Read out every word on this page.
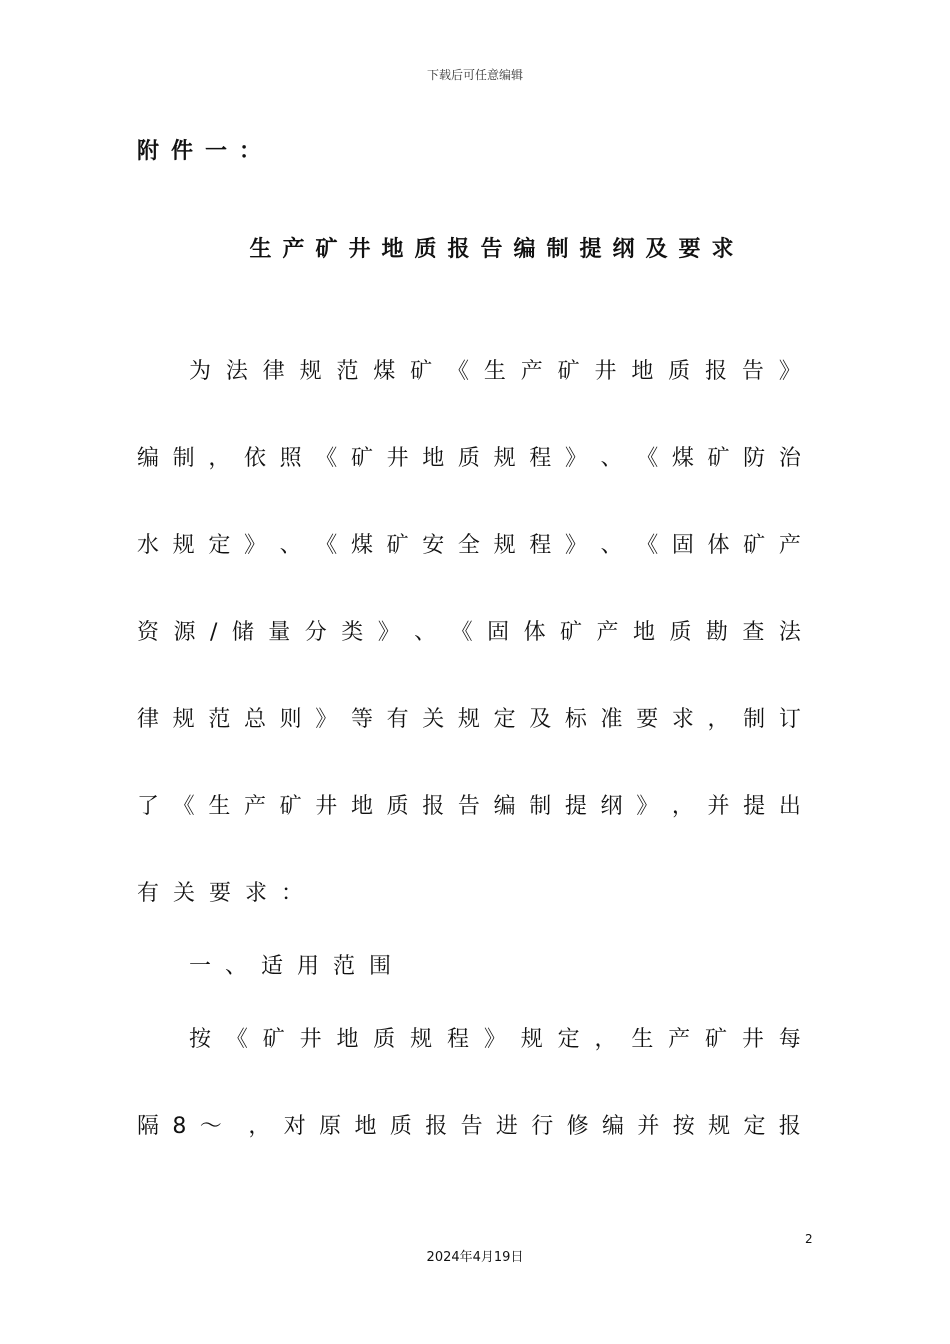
下载后可任意编辑
附件一：
生产矿井地质报告编制提纲及要求
为 法 律 规 范 煤 矿 《 生 产 矿 井 地 质 报 告 》
编 制 ， 依 照 《 矿 井 地 质 规 程 》 、 《 煤 矿 防 治
水 规 定 》 、 《 煤 矿 安 全 规 程 》 、 《 固 体 矿 产
资 源 / 储 量 分 类 》 、 《 固 体 矿 产 地 质 勘 查 法
律 规 范 总 则 》 等 有 关 规 定 及 标 准 要 求 ， 制 订
了 《 生 产 矿 井 地 质 报 告 编 制 提 纲 》 ， 并 提 出
有关要求：
一、适用范围
按 《 矿 井 地 质 规 程 》 规 定 ， 生 产 矿 井 每
隔 8 ～ ， 对 原 地 质 报 告 进 行 修 编 并 按 规 定 报
2
2024年4月19日
